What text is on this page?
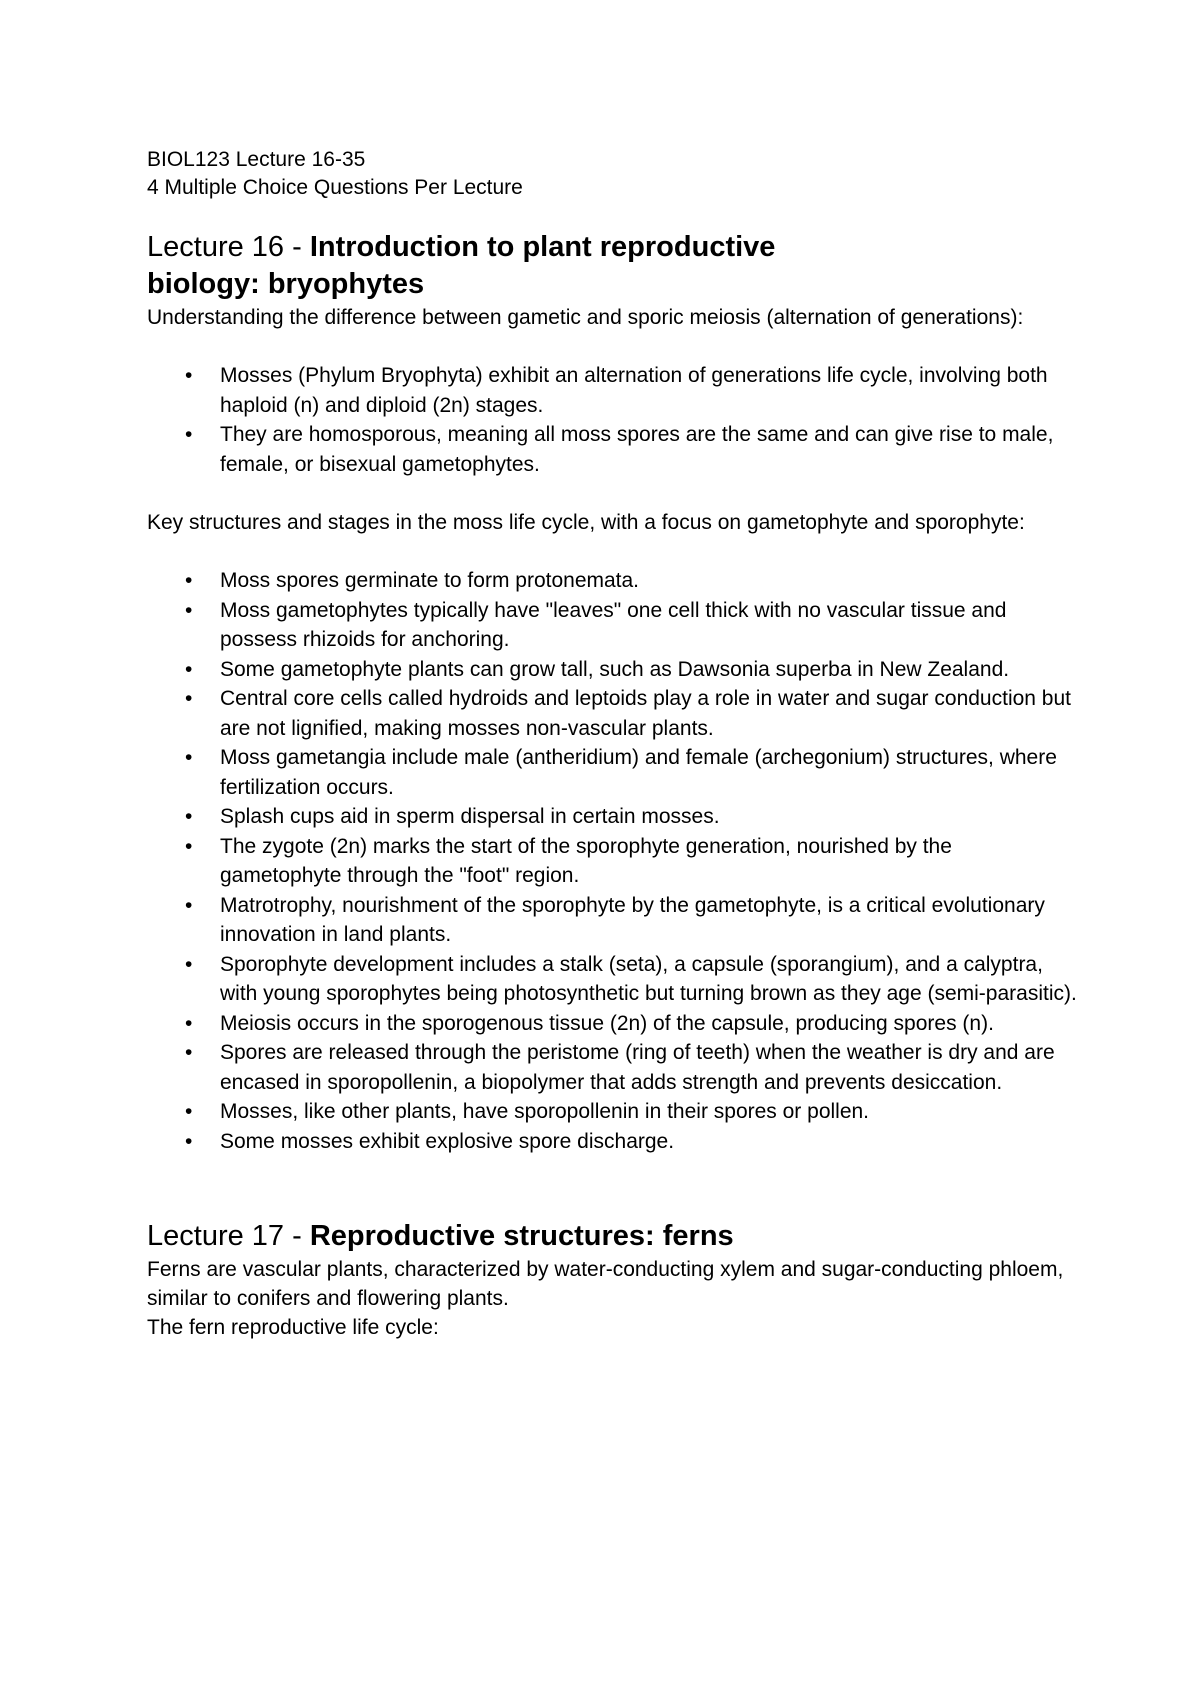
BIOL123 Lecture 16-35

4 Multiple Choice Questions Per Lecture

Lecture 16 - Introduction to plant reproductive
biology: bryophytes

Understanding the difference between gametic and sporic meiosis (alternation of generations):

• Mosses (Phylum Bryophyta) exhibit an alternation of generations life cycle, involving both haploid (n) and diploid (2n) stages.
• They are homosporous, meaning all moss spores are the same and can give rise to male, female, or bisexual gametophytes.

Key structures and stages in the moss life cycle, with a focus on gametophyte and sporophyte:

• Moss spores germinate to form protonemata.
• Moss gametophytes typically have "leaves" one cell thick with no vascular tissue and possess rhizoids for anchoring.
• Some gametophyte plants can grow tall, such as Dawsonia superba in New Zealand.
• Central core cells called hydroids and leptoids play a role in water and sugar conduction but are not lignified, making mosses non-vascular plants.
• Moss gametangia include male (antheridium) and female (archegonium) structures, where fertilization occurs.
• Splash cups aid in sperm dispersal in certain mosses.
• The zygote (2n) marks the start of the sporophyte generation, nourished by the gametophyte through the "foot" region.
• Matrotrophy, nourishment of the sporophyte by the gametophyte, is a critical evolutionary innovation in land plants.
• Sporophyte development includes a stalk (seta), a capsule (sporangium), and a calyptra, with young sporophytes being photosynthetic but turning brown as they age (semi-parasitic).
• Meiosis occurs in the sporogenous tissue (2n) of the capsule, producing spores (n).
• Spores are released through the peristome (ring of teeth) when the weather is dry and are encased in sporopollenin, a biopolymer that adds strength and prevents desiccation.
• Mosses, like other plants, have sporopollenin in their spores or pollen.
• Some mosses exhibit explosive spore discharge.
Lecture 17 - Reproductive structures: ferns

Ferns are vascular plants, characterized by water-conducting xylem and sugar-conducting phloem, similar to conifers and flowering plants.

The fern reproductive life cycle:
